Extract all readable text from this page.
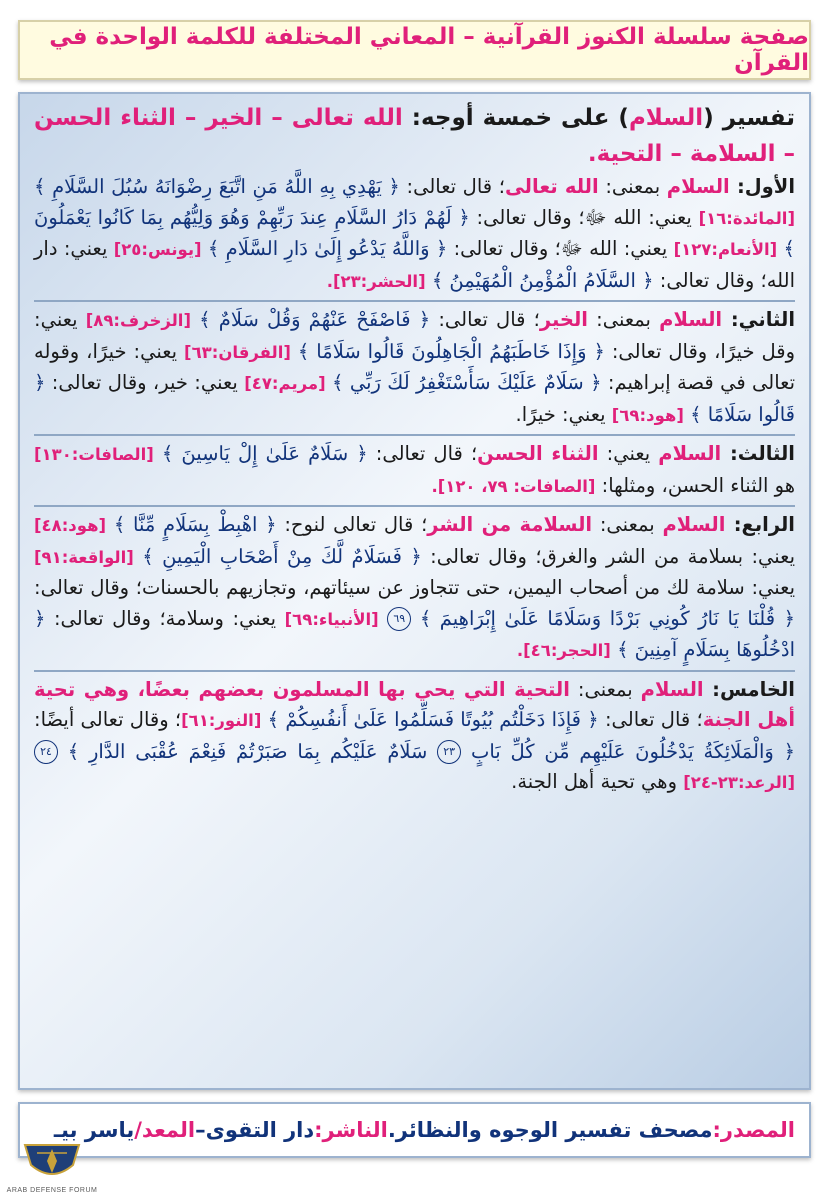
صفحة سلسلة الكنوز القرآنية – المعاني المختلفة للكلمة الواحدة في القرآن

تفسير (السلام) على خمسة أوجه: الله تعالى – الخير – الثناء الحسن – السلامة – التحية.

الأول: السلام بمعنى: الله تعالى؛ قال تعالى: ﴿ يَهْدِي بِهِ اللَّهُ مَنِ اتَّبَعَ رِضْوَانَهُ سُبُلَ السَّلَامِ ﴾ [المائدة:١٦] يعني: الله ﷻ؛ وقال تعالى: ﴿ لَهُمْ دَارُ السَّلَامِ عِندَ رَبِّهِمْ وَهُوَ وَلِيُّهُم بِمَا كَانُوا يَعْمَلُونَ ﴾ [الأنعام:١٢٧] يعني: الله ﷻ؛ وقال تعالى: ﴿ وَاللَّهُ يَدْعُو إِلَىٰ دَارِ السَّلَامِ ﴾ [يونس:٢٥] يعني: دار الله؛ وقال تعالى: ﴿ السَّلَامُ الْمُؤْمِنُ الْمُهَيْمِنُ ﴾ [الحشر:٢٣].

الثاني: السلام بمعنى: الخير؛ قال تعالى: ﴿ فَاصْفَحْ عَنْهُمْ وَقُلْ سَلَامٌ ﴾ [الزخرف:٨٩] يعني: وقل خيرًا، وقال تعالى: ﴿ وَإِذَا خَاطَبَهُمُ الْجَاهِلُونَ قَالُوا سَلَامًا ﴾ [الفرقان:٦٣] يعني: خيرًا، وقوله تعالى في قصة إبراهيم: ﴿ سَلَامٌ عَلَيْكَ سَأَسْتَغْفِرُ لَكَ رَبِّي ﴾ [مريم:٤٧] يعني: خير، وقال تعالى: ﴿ قَالُوا سَلَامًا ﴾ [هود:٦٩] يعني: خيرًا.

الثالث: السلام يعني: الثناء الحسن؛ قال تعالى: ﴿ سَلَامٌ عَلَىٰ إِلْ يَاسِينَ ﴾ [الصافات:١٣٠] هو الثناء الحسن، ومثلها: [الصافات: ٧٩، ١٢٠].

الرابع: السلام بمعنى: السلامة من الشر؛ قال تعالى لنوح: ﴿ اهْبِطْ بِسَلَامٍ مِّنَّا ﴾ [هود:٤٨] يعني: بسلامة من الشر والغرق؛ وقال تعالى: ﴿ فَسَلَامٌ لَّكَ مِنْ أَصْحَابِ الْيَمِينِ ﴾ [الواقعة:٩١] يعني: سلامة لك من أصحاب اليمين، حتى تتجاوز عن سيئاتهم، وتجازيهم بالحسنات؛ وقال تعالى: ﴿ قُلْنَا يَا نَارُ كُونِي بَرْدًا وَسَلَامًا عَلَىٰ إِبْرَاهِيمَ ﴾ ٦٩ [الأنبياء:٦٩] يعني: وسلامة؛ وقال تعالى: ﴿ ادْخُلُوهَا بِسَلَامٍ آمِنِينَ ﴾ [الحجر:٤٦].

الخامس: السلام بمعنى: التحية التي يحي بها المسلمون بعضهم بعضًا، وهي تحية أهل الجنة؛ قال تعالى: ﴿ فَإِذَا دَخَلْتُم بُيُوتًا فَسَلِّمُوا عَلَىٰ أَنفُسِكُمْ ﴾ [النور:٦١]؛ وقال تعالى أيضًا: ﴿ وَالْمَلَائِكَةُ يَدْخُلُونَ عَلَيْهِم مِّن كُلِّ بَابٍ ٢٣ سَلَامٌ عَلَيْكُم بِمَا صَبَرْتُمْ فَنِعْمَ عُقْبَى الدَّارِ ﴾ ٢٤ [الرعد:٢٣-٢٤] وهي تحية أهل الجنة.

المصدر:
مصحف تفسير الوجوه والنظائر.
الناشر:
دار التقوى
–
المعد/
ياسر بيـ
ARAB DEFENSE FORUM
